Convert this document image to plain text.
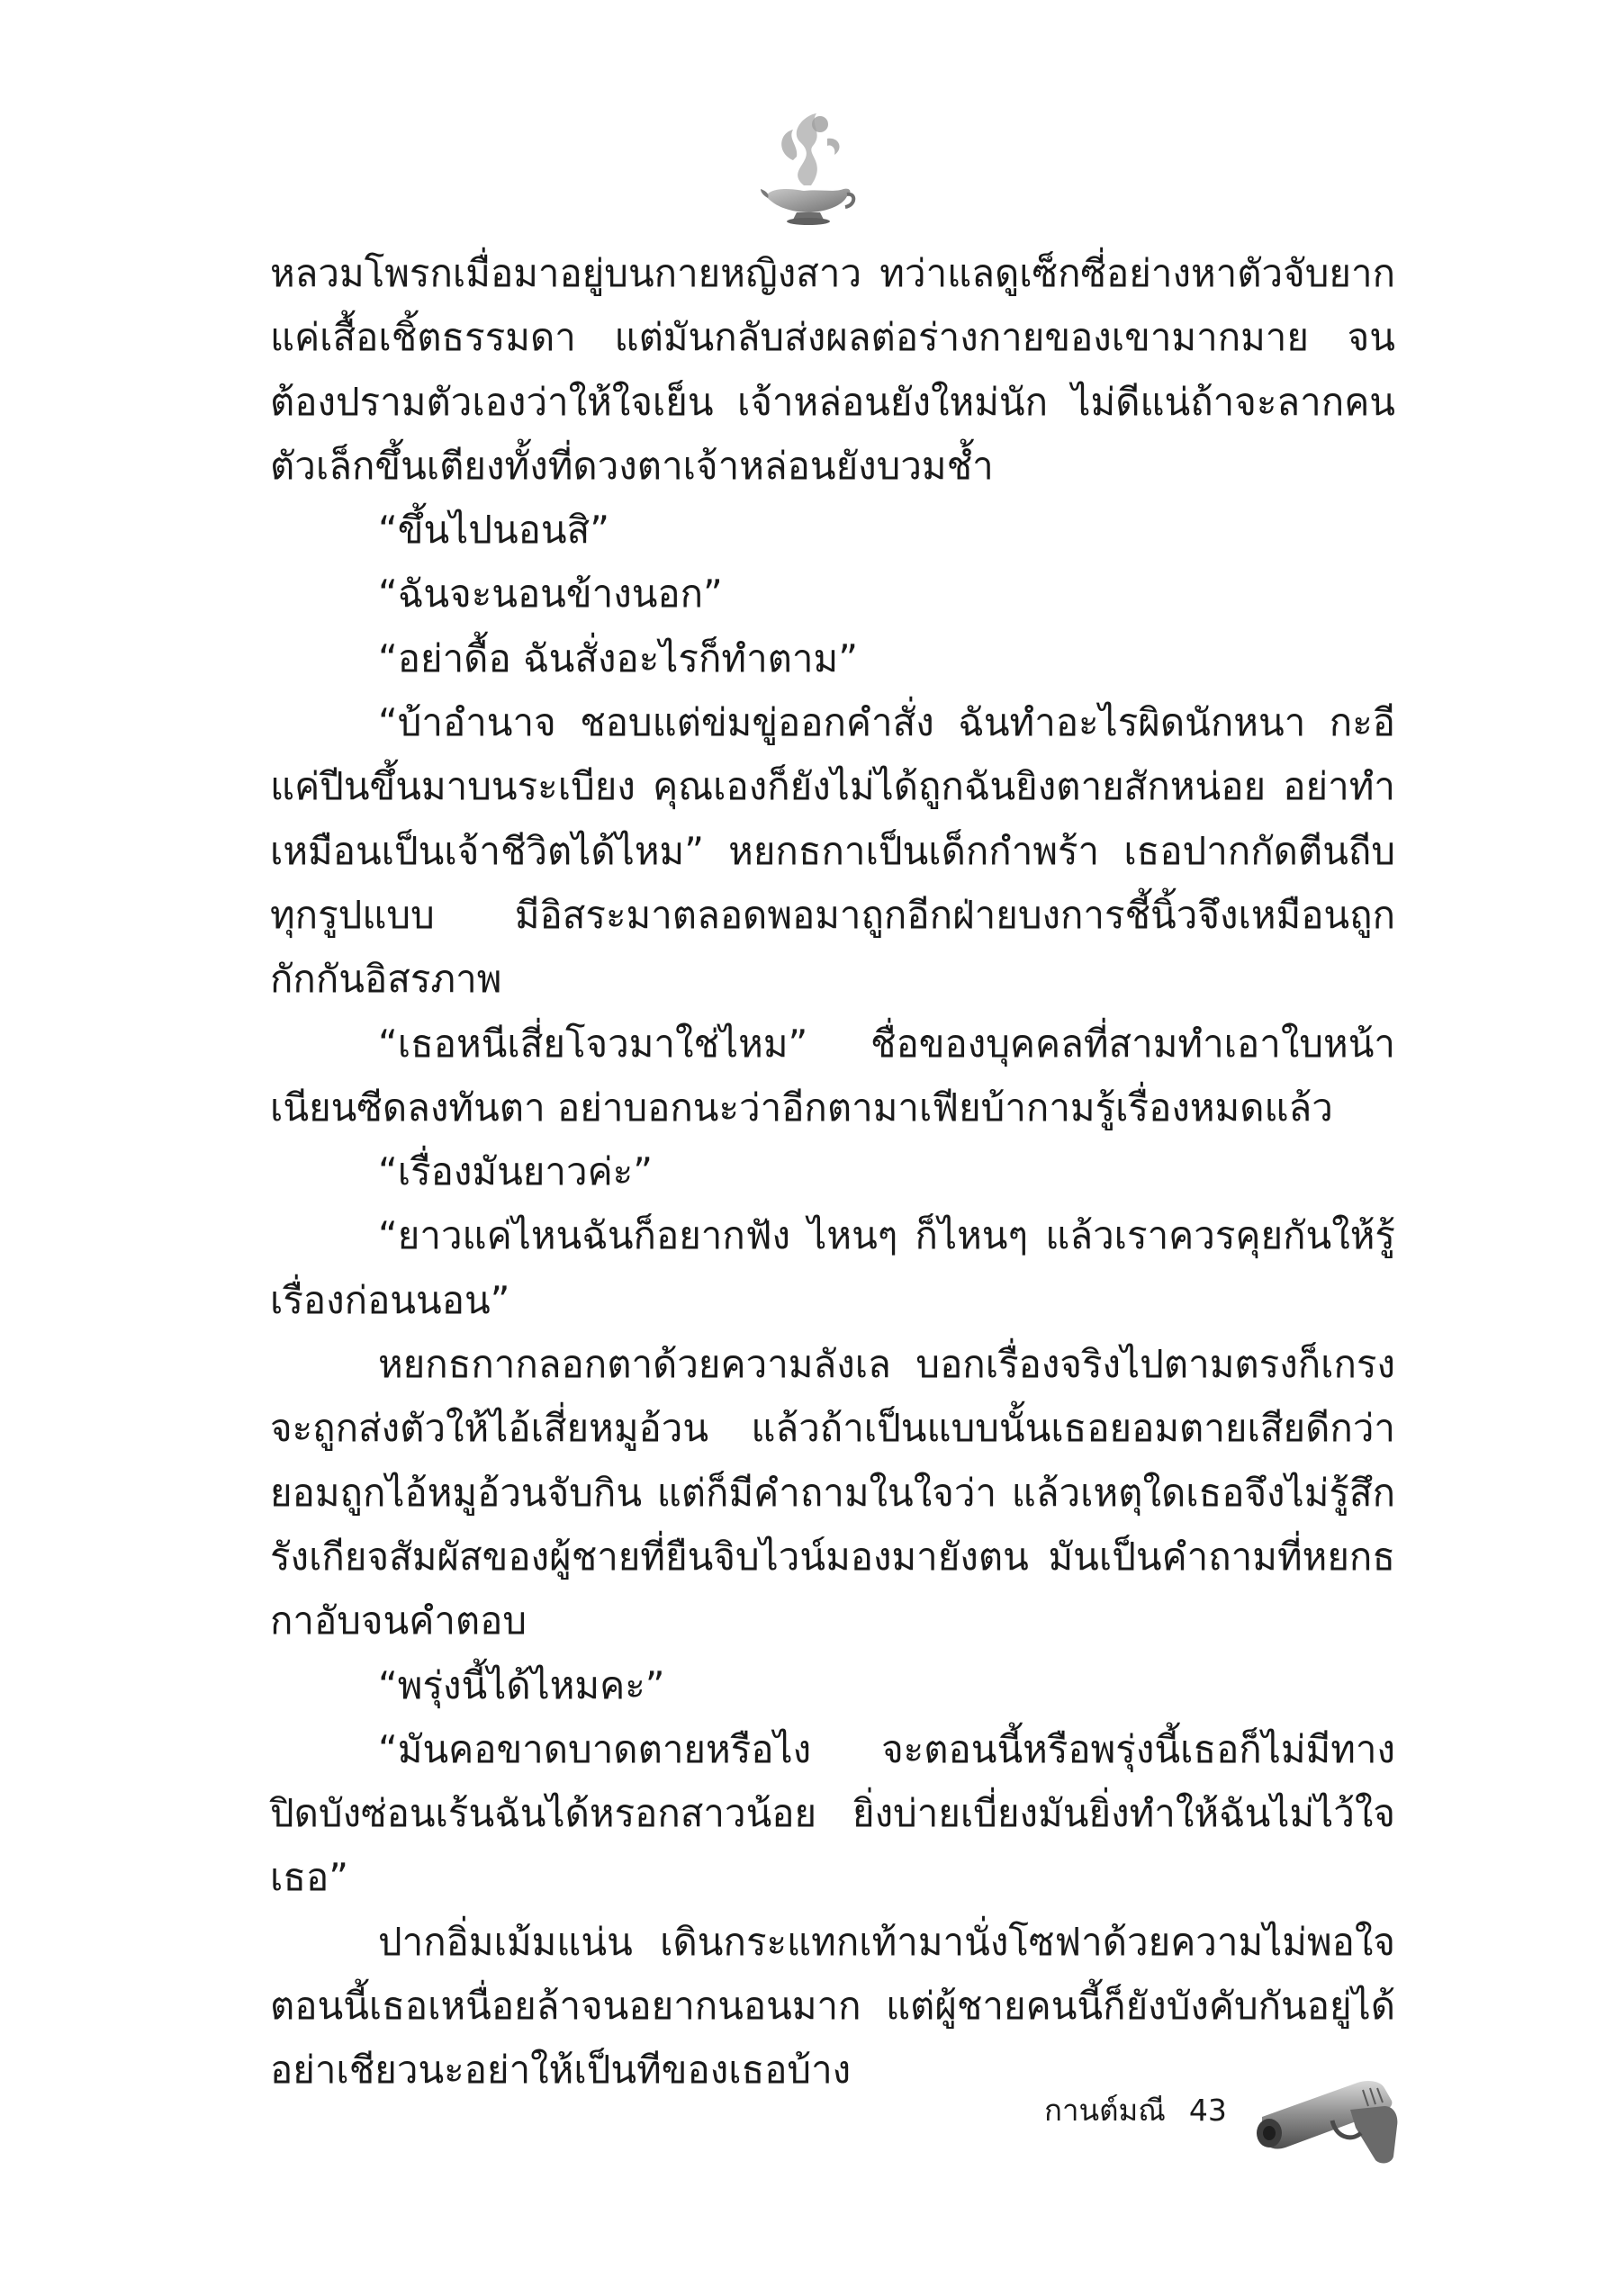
หลวมโพรกเมื่อมาอยู่บนกายหญิงสาว ทว่าแลดูเซ็กซี่อย่างหาตัวจับยาก แค่เสื้อเชิ้ตธรรมดา แต่มันกลับส่งผลต่อร่างกายของเขามากมาย จนต้องปรามตัวเองว่าให้ใจเย็น เจ้าหล่อนยังใหม่นัก ไม่ดีแน่ถ้าจะลากคนตัวเล็กขึ้นเตียงทั้งที่ดวงตาเจ้าหล่อนยังบวมช้ำ

“ขึ้นไปนอนสิ”

“ฉันจะนอนข้างนอก”

“อย่าดื้อ ฉันสั่งอะไรก็ทำตาม”

“บ้าอำนาจ ชอบแต่ข่มขู่ออกคำสั่ง ฉันทำอะไรผิดนักหนา กะอีแค่ปีนขึ้นมาบนระเบียง คุณเองก็ยังไม่ได้ถูกฉันยิงตายสักหน่อย อย่าทำเหมือนเป็นเจ้าชีวิตได้ไหม” หยกธกาเป็นเด็กกำพร้า เธอปากกัดตีนถีบทุกรูปแบบ มีอิสระมาตลอดพอมาถูกอีกฝ่ายบงการชี้นิ้วจึงเหมือนถูกกักกันอิสรภาพ

“เธอหนีเสี่ยโจวมาใช่ไหม” ชื่อของบุคคลที่สามทำเอาใบหน้าเนียนซีดลงทันตา อย่าบอกนะว่าอีกตามาเฟียบ้ากามรู้เรื่องหมดแล้ว

“เรื่องมันยาวค่ะ”

“ยาวแค่ไหนฉันก็อยากฟัง ไหนๆ ก็ไหนๆ แล้วเราควรคุยกันให้รู้เรื่องก่อนนอน”

หยกธกากลอกตาด้วยความลังเล บอกเรื่องจริงไปตามตรงก็เกรงจะถูกส่งตัวให้ไอ้เสี่ยหมูอ้วน แล้วถ้าเป็นแบบนั้นเธอยอมตายเสียดีกว่ายอมถูกไอ้หมูอ้วนจับกิน แต่ก็มีคำถามในใจว่า แล้วเหตุใดเธอจึงไม่รู้สึกรังเกียจสัมผัสของผู้ชายที่ยืนจิบไวน์มองมายังตน มันเป็นคำถามที่หยกธกาอับจนคำตอบ

“พรุ่งนี้ได้ไหมคะ”

“มันคอขาดบาดตายหรือไง จะตอนนี้หรือพรุ่งนี้เธอก็ไม่มีทางปิดบังซ่อนเร้นฉันได้หรอกสาวน้อย ยิ่งบ่ายเบี่ยงมันยิ่งทำให้ฉันไม่ไว้ใจเธอ”

ปากอิ่มเม้มแน่น เดินกระแทกเท้ามานั่งโซฟาด้วยความไม่พอใจ ตอนนี้เธอเหนื่อยล้าจนอยากนอนมาก แต่ผู้ชายคนนี้ก็ยังบังคับกันอยู่ได้ อย่าเชียวนะอย่าให้เป็นทีของเธอบ้าง

กานต์มณี 43
